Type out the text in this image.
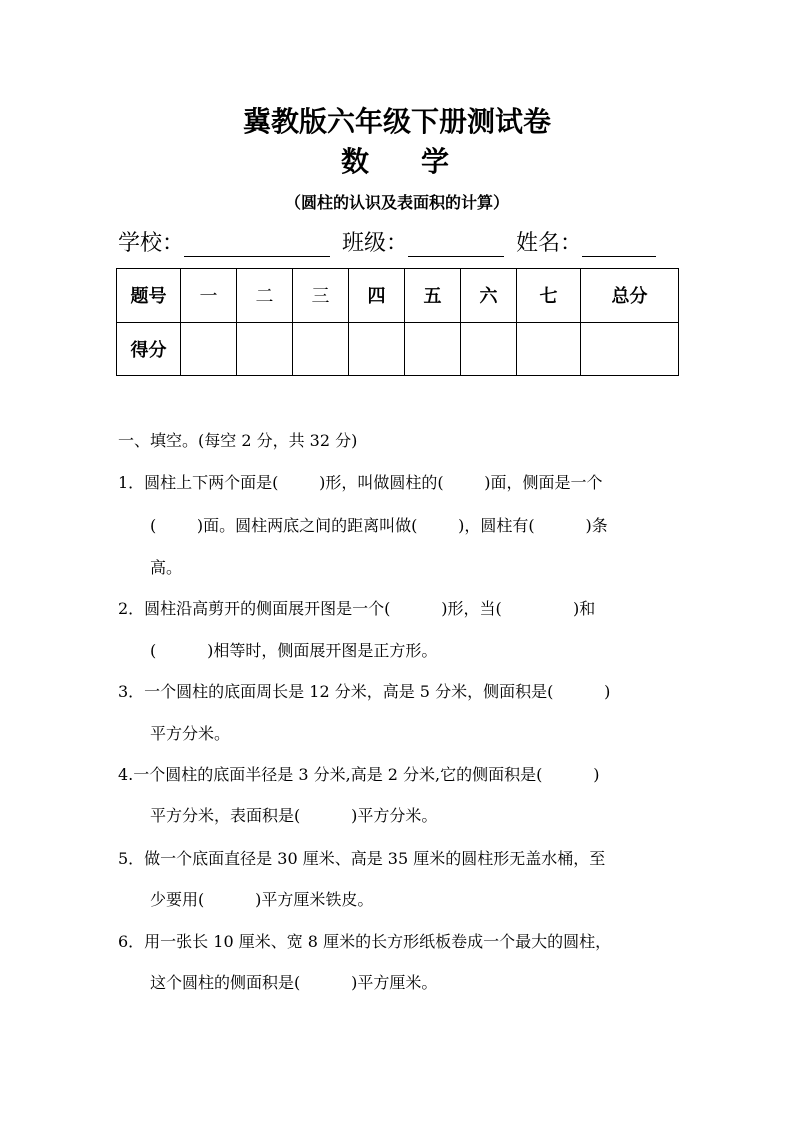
冀教版六年级下册测试卷
数 学
（圆柱的认识及表面积的计算）
学校：	班级：	姓名：
题号	一	二	三	四	五	六	七	总分
得分								
一、填空。(每空 2 分，共 32 分)
1．圆柱上下两个面是(        )形，叫做圆柱的(        )面，侧面是一个
(        )面。圆柱两底之间的距离叫做(        )，圆柱有(          )条
高。
2．圆柱沿高剪开的侧面展开图是一个(          )形，当(              )和
(          )相等时，侧面展开图是正方形。
3．一个圆柱的底面周长是 12 分米，高是 5 分米，侧面积是(          )
平方分米。
4.一个圆柱的底面半径是 3 分米,高是 2 分米,它的侧面积是(          )
平方分米，表面积是(          )平方分米。
5．做一个底面直径是 30 厘米、高是 35 厘米的圆柱形无盖水桶，至
少要用(          )平方厘米铁皮。
6．用一张长 10 厘米、宽 8 厘米的长方形纸板卷成一个最大的圆柱，
这个圆柱的侧面积是(          )平方厘米。
